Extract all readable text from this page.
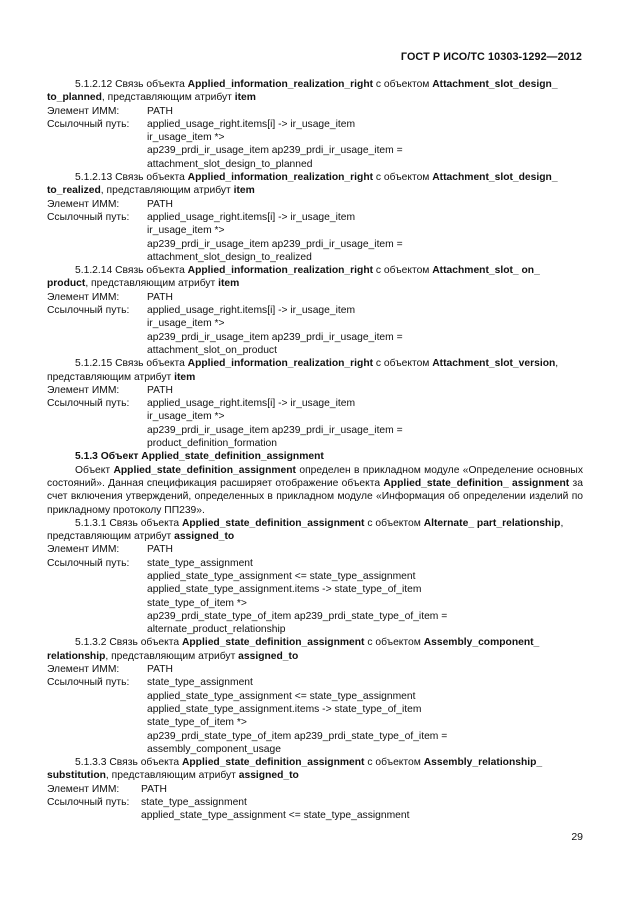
ГОСТ Р ИСО/ТС 10303-1292—2012
5.1.2.12 Связь объекта Applied_information_realization_right с объектом Attachment_slot_design_
to_planned, представляющим атрибут item
Элемент ИММ:	PATH
Ссылочный путь:	applied_usage_right.items[i] -> ir_usage_item
ir_usage_item *>
ap239_prdi_ir_usage_item ap239_prdi_ir_usage_item =
attachment_slot_design_to_planned
5.1.2.13 Связь объекта Applied_information_realization_right с объектом Attachment_slot_design_
to_realized, представляющим атрибут item
Элемент ИММ:	PATH
Ссылочный путь:	applied_usage_right.items[i] -> ir_usage_item
ir_usage_item *>
ap239_prdi_ir_usage_item ap239_prdi_ir_usage_item =
attachment_slot_design_to_realized
5.1.2.14 Связь объекта Applied_information_realization_right с объектом Attachment_slot_ on_
product, представляющим атрибут item
Элемент ИММ:	PATH
Ссылочный путь:	applied_usage_right.items[i] -> ir_usage_item
ir_usage_item *>
ap239_prdi_ir_usage_item ap239_prdi_ir_usage_item =
attachment_slot_on_product
5.1.2.15 Связь объекта Applied_information_realization_right с объектом Attachment_slot_version,
представляющим атрибут item
Элемент ИММ:	PATH
Ссылочный путь:	applied_usage_right.items[i] -> ir_usage_item
ir_usage_item *>
ap239_prdi_ir_usage_item ap239_prdi_ir_usage_item =
product_definition_formation
5.1.3 Объект Applied_state_definition_assignment
Объект Applied_state_definition_assignment определен в прикладном модуле «Определение основных состояний». Данная спецификация расширяет отображение объекта Applied_state_definition_ assignment за счет включения утверждений, определенных в прикладном модуле «Информация об определении изделий по прикладному протоколу ПП239».
5.1.3.1 Связь объекта Applied_state_definition_assignment с объектом Alternate_ part_relationship,
представляющим атрибут assigned_to
Элемент ИММ:	PATH
Ссылочный путь:	state_type_assignment
applied_state_type_assignment <= state_type_assignment
applied_state_type_assignment.items -> state_type_of_item
state_type_of_item *>
ap239_prdi_state_type_of_item ap239_prdi_state_type_of_item =
alternate_product_relationship
5.1.3.2 Связь объекта Applied_state_definition_assignment с объектом Assembly_component_
relationship, представляющим атрибут assigned_to
Элемент ИММ:	PATH
Ссылочный путь:	state_type_assignment
applied_state_type_assignment <= state_type_assignment
applied_state_type_assignment.items -> state_type_of_item
state_type_of_item *>
ap239_prdi_state_type_of_item ap239_prdi_state_type_of_item =
assembly_component_usage
5.1.3.3 Связь объекта Applied_state_definition_assignment с объектом Assembly_relationship_
substitution, представляющим атрибут assigned_to
Элемент ИММ:	PATH
Ссылочный путь:	state_type_assignment
applied_state_type_assignment <= state_type_assignment
29
